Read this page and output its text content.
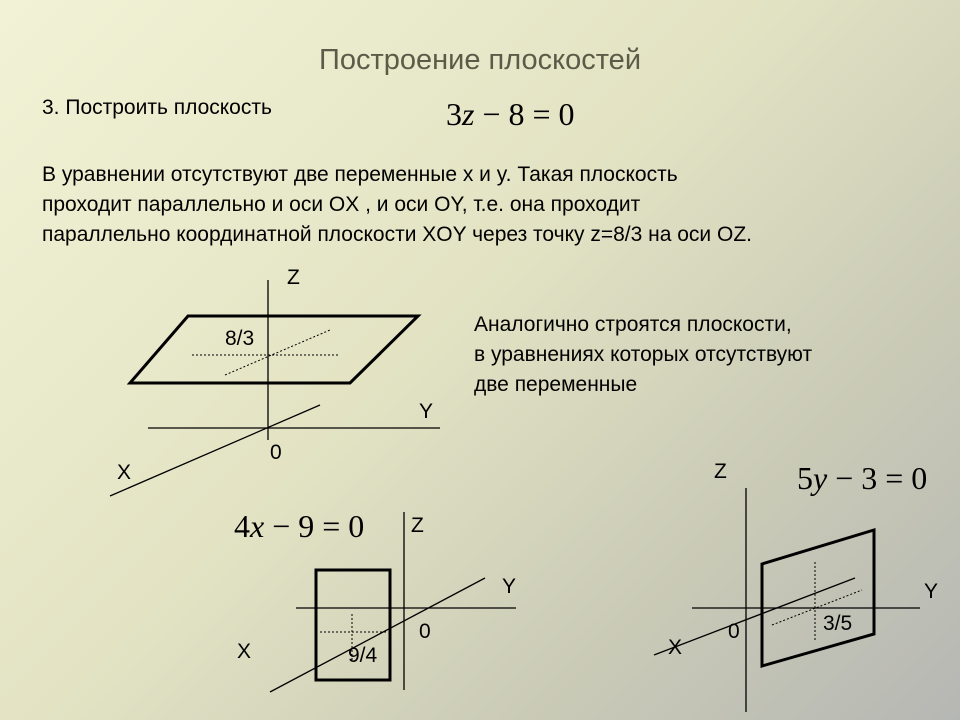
Построение плоскостей
3. Построить плоскость	3z − 8 = 0
В уравнении отсутствуют две переменные x и y. Такая плоскость
проходит параллельно и оси OX , и оси OY, т.е. она проходит
параллельно координатной плоскости XOY через точку z=8/3 на оси OZ.
Аналогично строятся плоскости,
в уравнениях которых отсутствуют
две переменные
Z
Y
X
0
8/3
4x − 9 = 0 Z
Y
X
0
9/4
5y − 3 = 0
Z
Y
X
0	3/5
